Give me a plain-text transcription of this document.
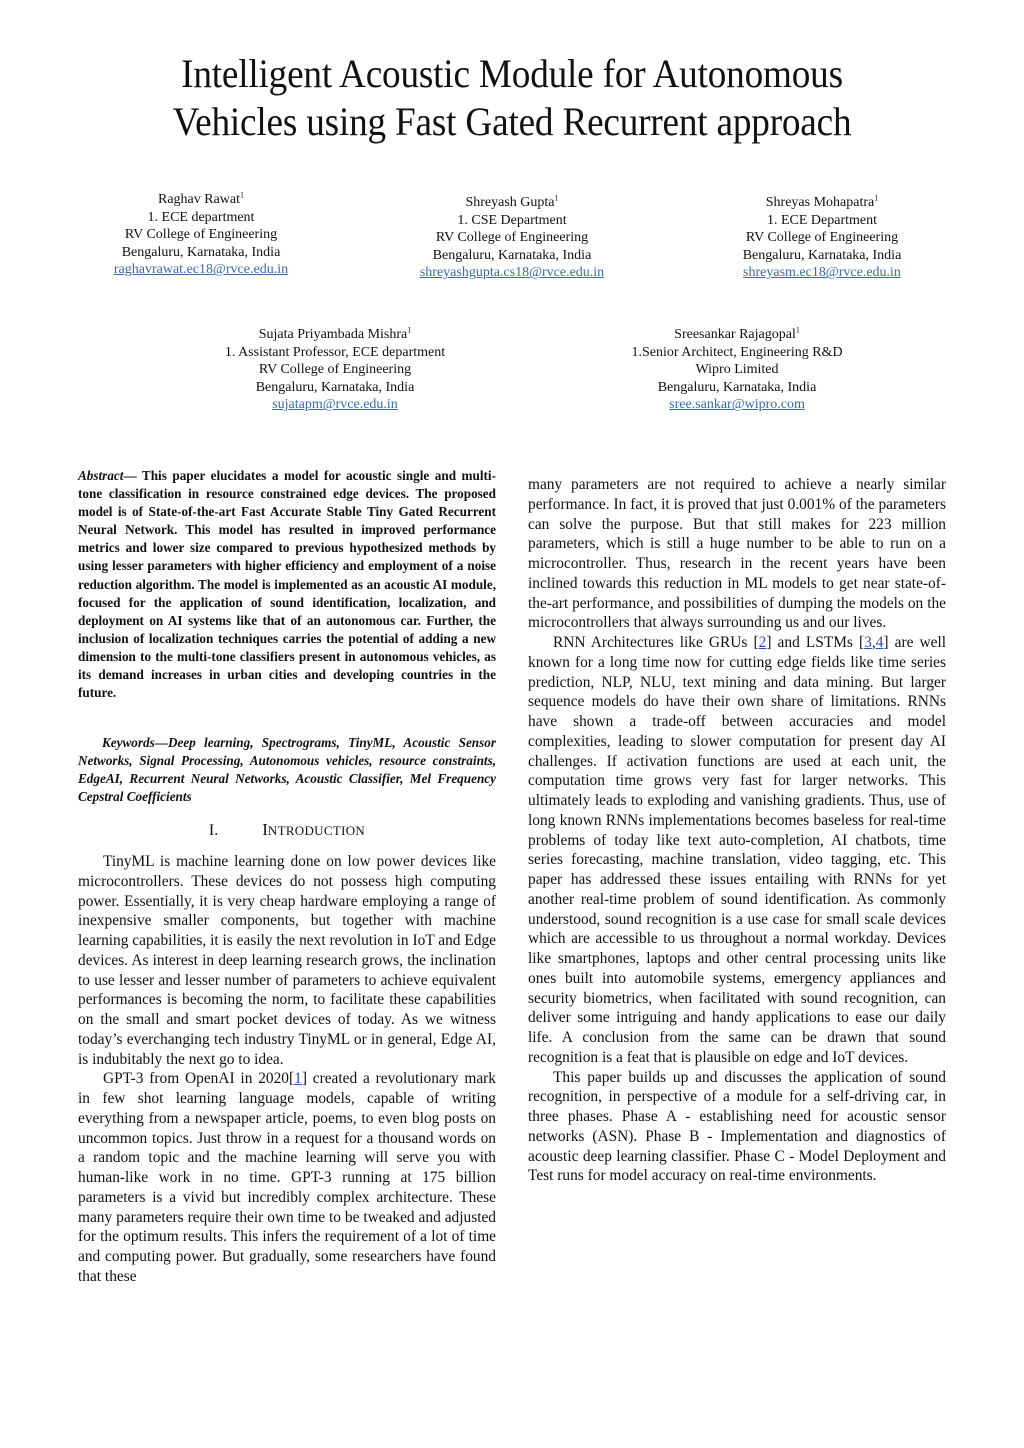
Intelligent Acoustic Module for Autonomous
Vehicles using Fast Gated Recurrent approach
Raghav Rawat$^1$
1. ECE department
RV College of Engineering
Bengaluru, Karnataka, India
raghavrawat.ec18@rvce.edu.in
Shreyash Gupta$^1$
1. CSE Department
RV College of Engineering
Bengaluru, Karnataka, India
shreyashgupta.cs18@rvce.edu.in
Shreyas Mohapatra$^1$
1. ECE Department
RV College of Engineering
Bengaluru, Karnataka, India
shreyasm.ec18@rvce.edu.in
Sujata Priyambada Mishra$^1$
1. Assistant Professor, ECE department
RV College of Engineering
Bengaluru, Karnataka, India
sujatapm@rvce.edu.in
Sreesankar Rajagopal$^1$
1.Senior Architect, Engineering R&D
Wipro Limited
Bengaluru, Karnataka, India
sree.sankar@wipro.com
Abstract— This paper elucidates a model for acoustic single and multi-tone classification in resource constrained edge devices. The proposed model is of State-of-the-art Fast Accurate Stable Tiny Gated Recurrent Neural Network. This model has resulted in improved performance metrics and lower size compared to previous hypothesized methods by using lesser parameters with higher efficiency and employment of a noise reduction algorithm. The model is implemented as an acoustic AI module, focused for the application of sound identification, localization, and deployment on AI systems like that of an autonomous car. Further, the inclusion of localization techniques carries the potential of adding a new dimension to the multi-tone classifiers present in autonomous vehicles, as its demand increases in urban cities and developing countries in the future.
Keywords—Deep learning, Spectrograms, TinyML, Acoustic Sensor Networks, Signal Processing, Autonomous vehicles, resource constraints, EdgeAI, Recurrent Neural Networks, Acoustic Classifier, Mel Frequency Cepstral Coefficients
I.	INTRODUCTION

TinyML is machine learning done on low power devices like microcontrollers. These devices do not possess high computing power. Essentially, it is very cheap hardware employing a range of inexpensive smaller components, but together with machine learning capabilities, it is easily the next revolution in IoT and Edge devices. As interest in deep learning research grows, the inclination to use lesser and lesser number of parameters to achieve equivalent performances is becoming the norm, to facilitate these capabilities on the small and smart pocket devices of today. As we witness today’s everchanging tech industry TinyML or in general, Edge AI, is indubitably the next go to idea.

GPT-3 from OpenAI in 2020[1] created a revolutionary mark in few shot learning language models, capable of writing everything from a newspaper article, poems, to even blog posts on uncommon topics. Just throw in a request for a thousand words on a random topic and the machine learning will serve you with human-like work in no time. GPT-3 running at 175 billion parameters is a vivid but incredibly complex architecture. These many parameters require their own time to be tweaked and adjusted for the optimum results. This infers the requirement of a lot of time and computing power. But gradually, some researchers have found that these

many parameters are not required to achieve a nearly similar performance. In fact, it is proved that just 0.001% of the parameters can solve the purpose. But that still makes for 223 million parameters, which is still a huge number to be able to run on a microcontroller. Thus, research in the recent years have been inclined towards this reduction in ML models to get near state-of-the-art performance, and possibilities of dumping the models on the microcontrollers that always surrounding us and our lives.

RNN Architectures like GRUs [2] and LSTMs [3,4] are well known for a long time now for cutting edge fields like time series prediction, NLP, NLU, text mining and data mining. But larger sequence models do have their own share of limitations. RNNs have shown a trade-off between accuracies and model complexities, leading to slower computation for present day AI challenges. If activation functions are used at each unit, the computation time grows very fast for larger networks. This ultimately leads to exploding and vanishing gradients. Thus, use of long known RNNs implementations becomes baseless for real-time problems of today like text auto-completion, AI chatbots, time series forecasting, machine translation, video tagging, etc. This paper has addressed these issues entailing with RNNs for yet another real-time problem of sound identification. As commonly understood, sound recognition is a use case for small scale devices which are accessible to us throughout a normal workday. Devices like smartphones, laptops and other central processing units like ones built into automobile systems, emergency appliances and security biometrics, when facilitated with sound recognition, can deliver some intriguing and handy applications to ease our daily life. A conclusion from the same can be drawn that sound recognition is a feat that is plausible on edge and IoT devices.

This paper builds up and discusses the application of sound recognition, in perspective of a module for a self-driving car, in three phases. Phase A - establishing need for acoustic sensor networks (ASN). Phase B - Implementation and diagnostics of acoustic deep learning classifier. Phase C - Model Deployment and Test runs for model accuracy on real-time environments.
